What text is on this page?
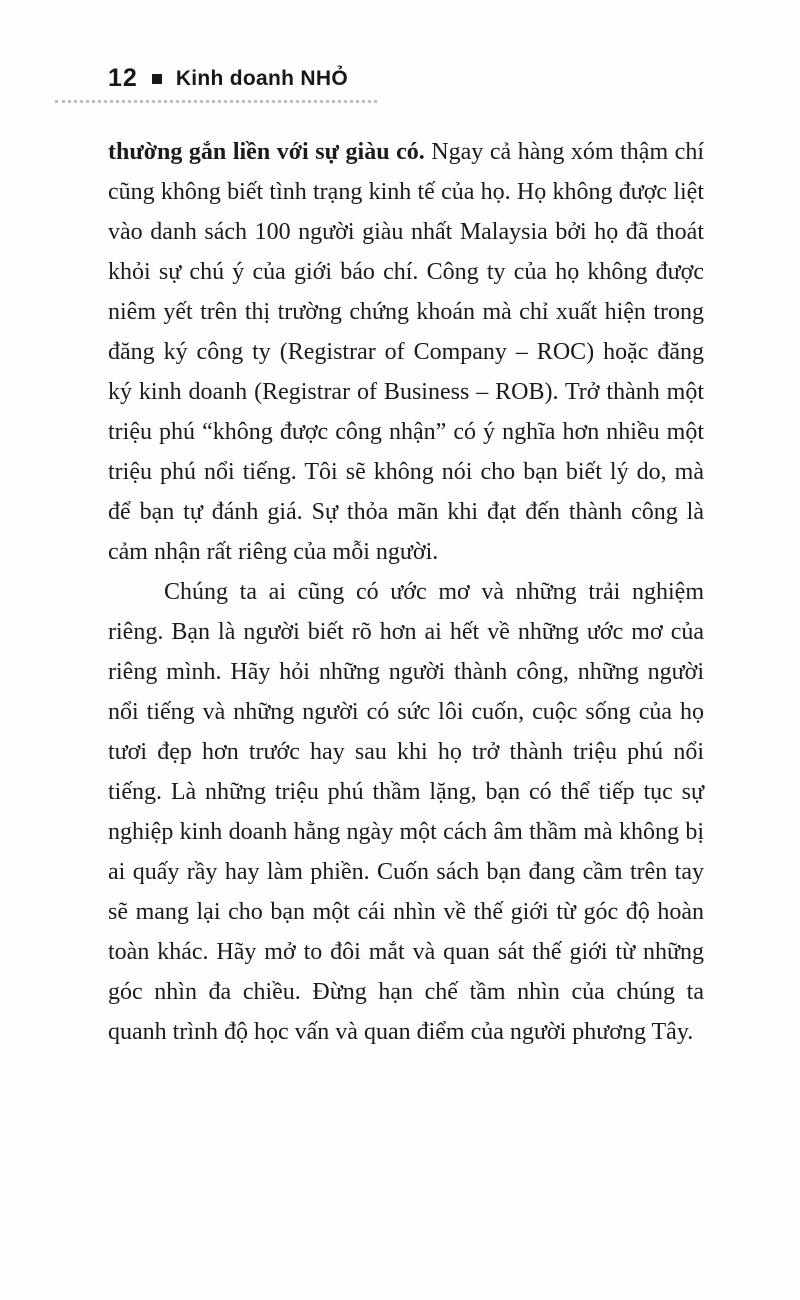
12 Kinh doanh NHỎ

thường gắn liền với sự giàu có. Ngay cả hàng xóm thậm chí cũng không biết tình trạng kinh tế của họ. Họ không được liệt vào danh sách 100 người giàu nhất Malaysia bởi họ đã thoát khỏi sự chú ý của giới báo chí. Công ty của họ không được niêm yết trên thị trường chứng khoán mà chỉ xuất hiện trong đăng ký công ty (Registrar of Company – ROC) hoặc đăng ký kinh doanh (Registrar of Business – ROB). Trở thành một triệu phú “không được công nhận” có ý nghĩa hơn nhiều một triệu phú nổi tiếng. Tôi sẽ không nói cho bạn biết lý do, mà để bạn tự đánh giá. Sự thỏa mãn khi đạt đến thành công là cảm nhận rất riêng của mỗi người.

Chúng ta ai cũng có ước mơ và những trải nghiệm riêng. Bạn là người biết rõ hơn ai hết về những ước mơ của riêng mình. Hãy hỏi những người thành công, những người nổi tiếng và những người có sức lôi cuốn, cuộc sống của họ tươi đẹp hơn trước hay sau khi họ trở thành triệu phú nổi tiếng. Là những triệu phú thầm lặng, bạn có thể tiếp tục sự nghiệp kinh doanh hằng ngày một cách âm thầm mà không bị ai quấy rầy hay làm phiền. Cuốn sách bạn đang cầm trên tay sẽ mang lại cho bạn một cái nhìn về thế giới từ góc độ hoàn toàn khác. Hãy mở to đôi mắt và quan sát thế giới từ những góc nhìn đa chiều. Đừng hạn chế tầm nhìn của chúng ta quanh trình độ học vấn và quan điểm của người phương Tây.
